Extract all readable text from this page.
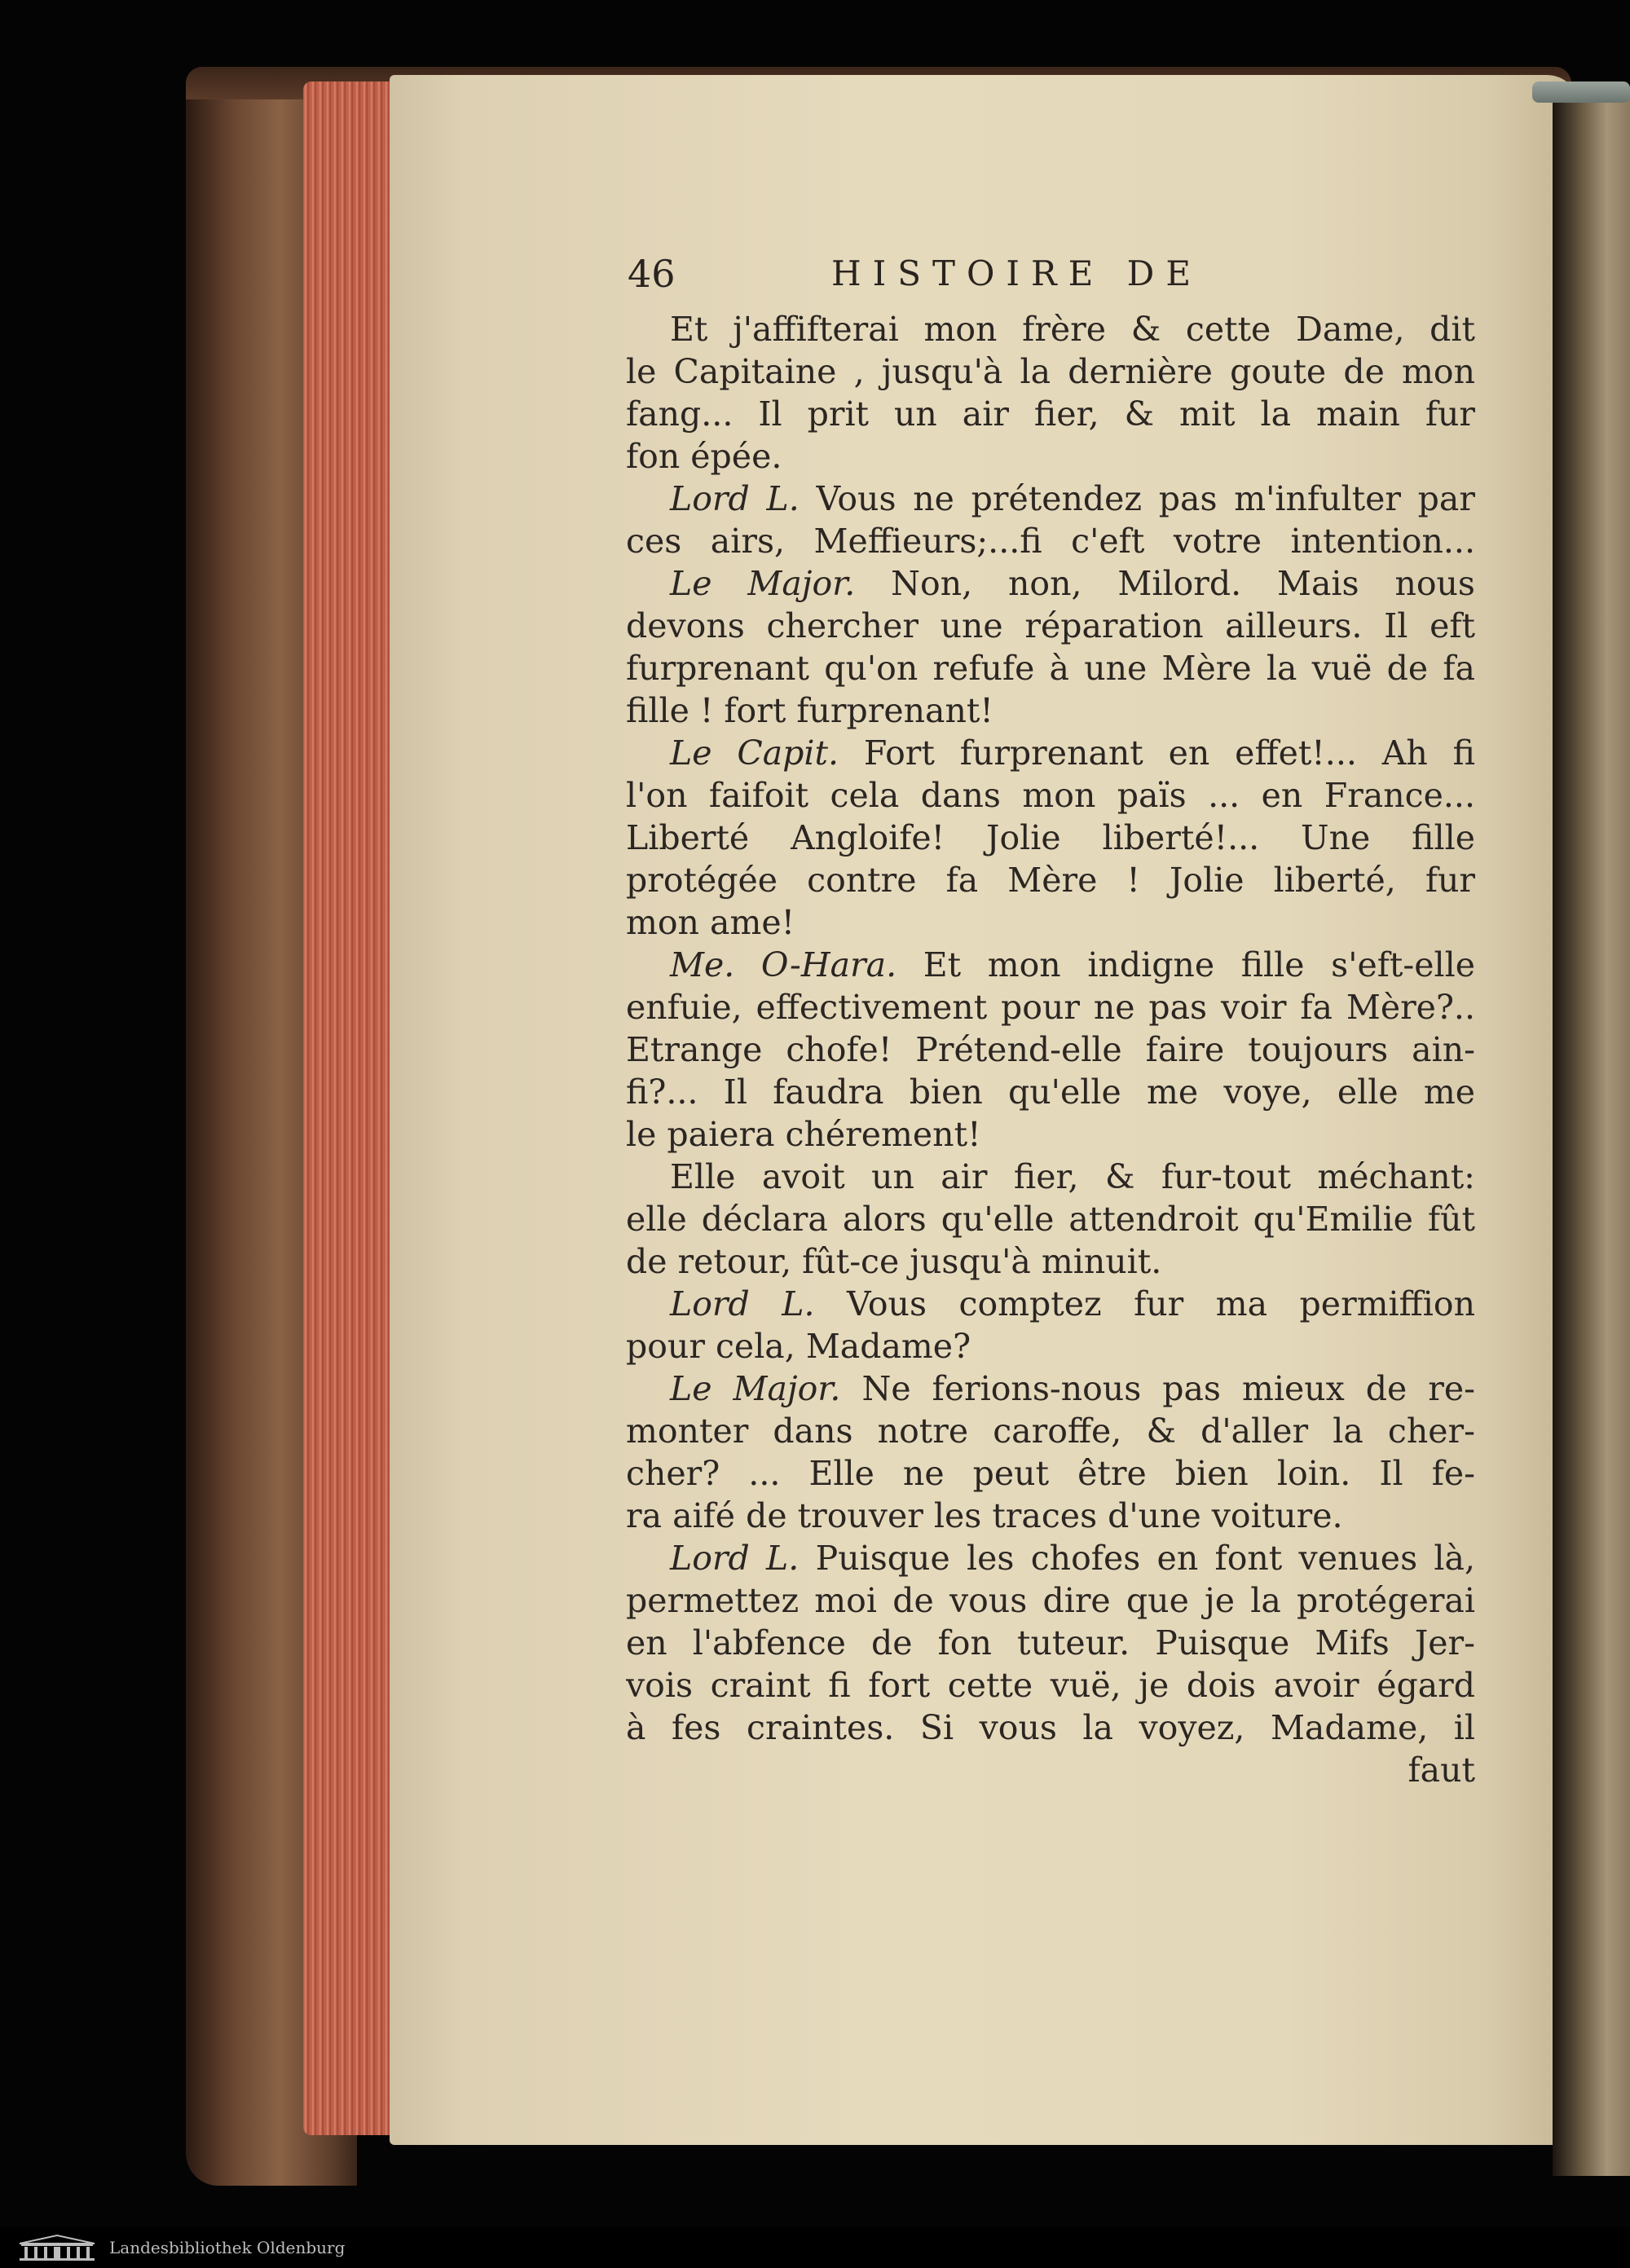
46	HISTOIRE DE
Et j'affifterai mon frère & cette Dame, dit
le Capitaine , jusqu'à la dernière goute de mon
fang... Il prit un air fier, & mit la main fur
fon épée.
Lord L. Vous ne prétendez pas m'infulter par
ces airs, Meffieurs;...fi c'eft votre intention...
Le Major. Non, non, Milord. Mais nous
devons chercher une réparation ailleurs. Il eft
furprenant qu'on refufe à une Mère la vuë de fa
fille ! fort furprenant!
Le Capit. Fort furprenant en effet!... Ah fi
l'on faifoit cela dans mon païs ... en France...
Liberté Angloife! Jolie liberté!... Une fille
protégée contre fa Mère ! Jolie liberté, fur
mon ame!
Me. O-Hara. Et mon indigne fille s'eft-elle
enfuie, effectivement pour ne pas voir fa Mère?..
Etrange chofe! Prétend-elle faire toujours ain-
fi?... Il faudra bien qu'elle me voye, elle me
le paiera chérement!
Elle avoit un air fier, & fur-tout méchant:
elle déclara alors qu'elle attendroit qu'Emilie fût
de retour, fût-ce jusqu'à minuit.
Lord L. Vous comptez fur ma permiffion
pour cela, Madame?
Le Major. Ne ferions-nous pas mieux de re-
monter dans notre caroffe, & d'aller la cher-
cher? ... Elle ne peut être bien loin. Il fe-
ra aifé de trouver les traces d'une voiture.
Lord L. Puisque les chofes en font venues là,
permettez moi de vous dire que je la protégerai
en l'abfence de fon tuteur. Puisque Mifs Jer-
vois craint fi fort cette vuë, je dois avoir égard
à fes craintes. Si vous la voyez, Madame, il
faut
Landesbibliothek Oldenburg
